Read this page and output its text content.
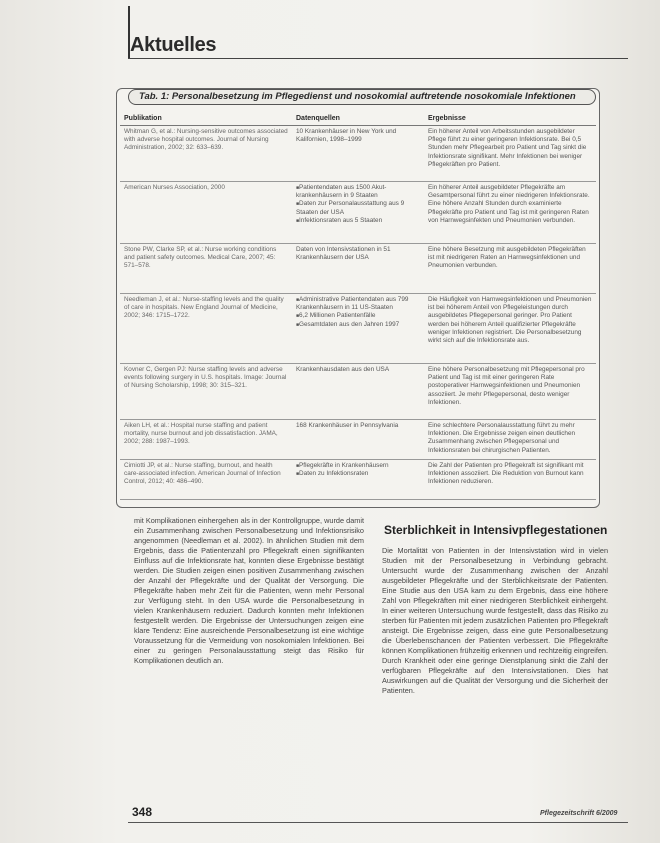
Aktuelles
Tab. 1: Personalbesetzung im Pflegedienst und nosokomial auftretende nosokomiale Infektionen
Publikation	Datenquellen	Ergebnisse
Whitman G, et al.: Nursing-sensitive outcomes associated with adverse hospital outcomes. Journal of Nursing Administration, 2002; 32: 633–639.
10 Krankenhäuser in New York und Kalifornien, 1998–1999
Ein höherer Anteil von Arbeitsstunden ausgebildeter Pflege führt zu einer geringeren Infektionsrate. Bei 0,5 Stunden mehr Pflegearbeit pro Patient und Tag sinkt die Infektionsrate signifikant. Mehr Infektionen bei weniger Pflegekräften pro Patient.
American Nurses Association, 2000
■	Patientendaten aus 1500 Akut-krankenhäusern in 9 Staaten
■ Daten zur Personalausstattung aus 9 Staaten der USA
■ Infektionsraten aus 5 Staaten
Ein höherer Anteil ausgebildeter Pflegekräfte am Gesamtpersonal führt zu einer niedrigeren Infektionsrate. Eine höhere Anzahl Stunden durch examinierte Pflegekräfte pro Patient und Tag ist mit geringeren Raten von Harnwegsinfekten und Pneumonien verbunden.
Stone PW, Clarke SP, et al.: Nurse working conditions and patient safety outcomes. Medical Care, 2007; 45: 571–578.
Daten von Intensivstationen in 51 Krankenhäusern der USA
Eine höhere Besetzung mit ausgebildeten Pflegekräften ist mit niedrigeren Raten an Harnwegsinfektionen und Pneumonien verbunden.
Needleman J, et al.: Nurse-staffing levels and the quality of care in hospitals. New England Journal of Medicine, 2002; 346: 1715–1722.
■ Administrative Patientendaten aus 799 Krankenhäusern in 11 US-Staaten
■ 6,2 Millionen Patientenfälle
■ Gesamtdaten aus den Jahren 1997
Die Häufigkeit von Harnwegsinfektionen und Pneumonien ist bei höherem Anteil von Pflegeleistungen durch ausgebildetes Pflegepersonal geringer. Pro Patient werden bei höherem Anteil qualifizierter Pflegekräfte weniger Infektionen registriert. Die Personalbesetzung wirkt sich auf die Infektionsrate aus.
Kovner C, Gergen PJ: Nurse staffing levels and adverse events following surgery in U.S. hospitals. Image: Journal of Nursing Scholarship, 1998; 30: 315–321.
Krankenhausdaten aus den USA	Eine höhere Personalbesetzung mit Pflegepersonal pro Patient und Tag ist mit einer geringeren Rate postoperativer Harnwegsinfektionen und Pneumonien assoziiert. Je mehr Pflegepersonal, desto weniger Infektionen.
Aiken LH, et al.: Hospital nurse staffing and patient mortality, nurse burnout and job dissatisfaction. JAMA, 2002; 288: 1987–1993.
168 Krankenhäuser in Pennsylvania	Eine schlechtere Personalausstattung führt zu mehr Infektionen. Die Ergebnisse zeigen einen deutlichen Zusammenhang zwischen Pflegepersonal und Infektionsraten bei chirurgischen Patienten.
Cimiotti JP, et al.: Nurse staffing, burnout, and health care-associated infection. American Journal of Infection Control, 2012; 40: 486–490.
■ Pflegekräfte in Krankenhäusern
■ Daten zu Infektionsraten
Die Zahl der Patienten pro Pflegekraft ist signifikant mit Infektionen assoziiert. Die Reduktion von Burnout kann Infektionen reduzieren.
mit Komplikationen einhergehen als in der Kontrollgruppe, wurde damit ein Zusammenhang zwischen Personalbesetzung und Infektionsrisiko angenommen (Needleman et al. 2002). In ähnlichen Studien mit dem Ergebnis, dass die Patientenzahl pro Pflegekraft einen signifikanten Einfluss auf die Infektionsrate hat, konnten diese Ergebnisse bestätigt werden. Die Studien zeigen einen positiven Zusammenhang zwischen der Anzahl der Pflegekräfte und der Qualität der Versorgung. Die Pflegekräfte haben mehr Zeit für die Patienten, wenn mehr Personal zur Verfügung steht. In den USA wurde die Personalbesetzung in vielen Krankenhäusern reduziert. Dadurch konnten mehr Infektionen festgestellt werden. Die Ergebnisse der Untersuchungen zeigen eine klare Tendenz: Eine ausreichende Personalbesetzung ist eine wichtige Voraussetzung für die Vermeidung von nosokomialen Infektionen. Bei einer zu geringen Personalausstattung steigt das Risiko für Komplikationen deutlich an.
Sterblichkeit in Intensivpflegestationen
Die Mortalität von Patienten in der Intensivstation wird in vielen Studien mit der Personalbesetzung in Verbindung gebracht. Untersucht wurde der Zusammenhang zwischen der Anzahl ausgebildeter Pflegekräfte und der Sterblichkeitsrate der Patienten. Eine Studie aus den USA kam zu dem Ergebnis, dass eine höhere Zahl von Pflegekräften mit einer niedrigeren Sterblichkeit einhergeht. In einer weiteren Untersuchung wurde festgestellt, dass das Risiko zu sterben für Patienten mit jedem zusätzlichen Patienten pro Pflegekraft ansteigt. Die Ergebnisse zeigen, dass eine gute Personalbesetzung die Überlebenschancen der Patienten verbessert. Die Pflegekräfte können Komplikationen frühzeitig erkennen und rechtzeitig eingreifen. Durch Krankheit oder eine geringe Dienstplanung sinkt die Zahl der verfügbaren Pflegekräfte auf den Intensivstationen. Dies hat Auswirkungen auf die Qualität der Versorgung und die Sicherheit der Patienten.
348	Pflegezeitschrift 6/2009
